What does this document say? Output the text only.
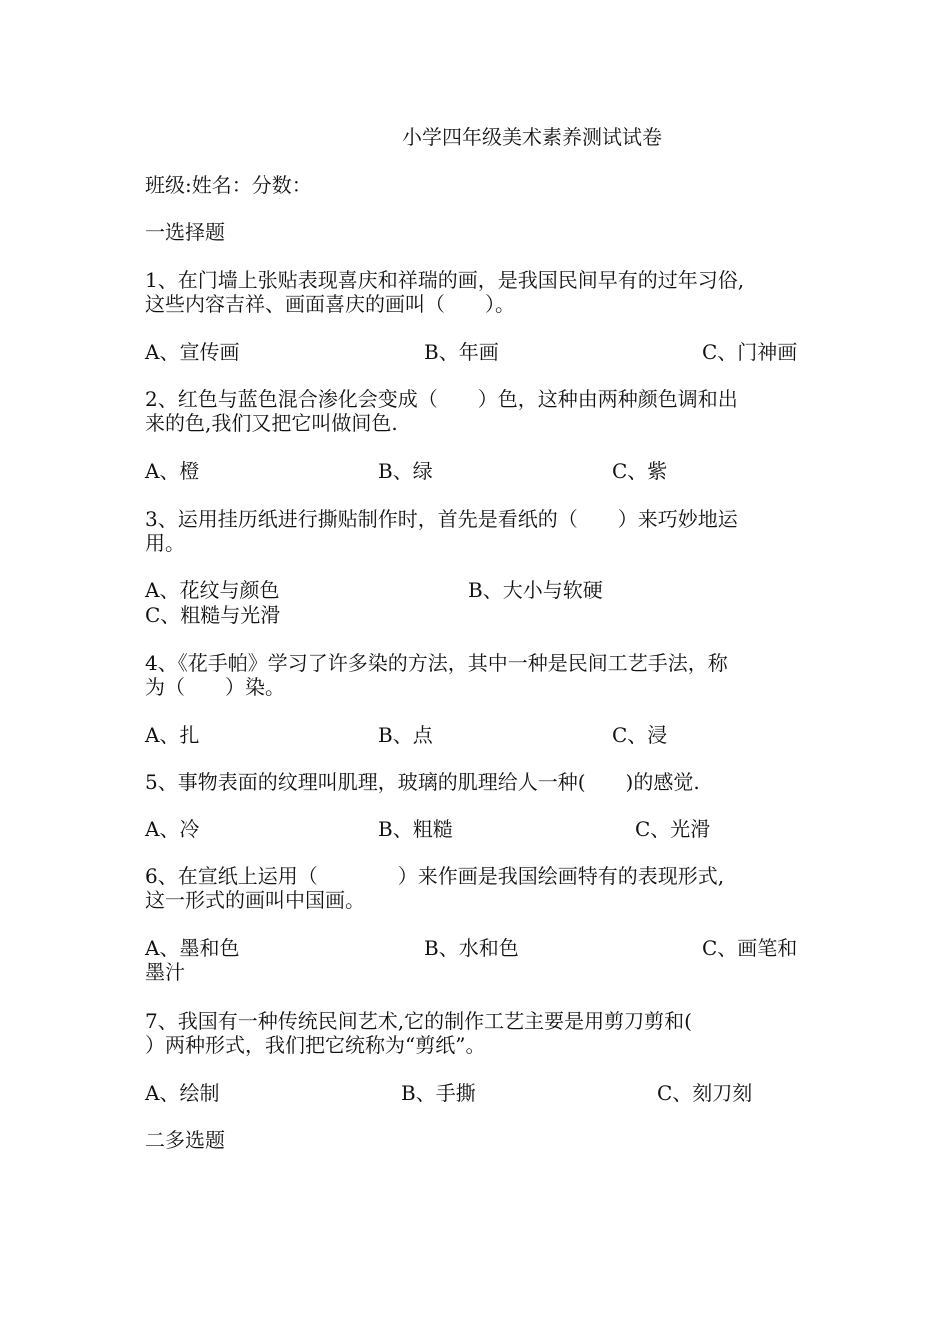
小学四年级美术素养测试试卷

班级:姓名：分数：

一选择题

1、在门墙上张贴表现喜庆和祥瑞的画，是我国民间早有的过年习俗,

这些内容吉祥、画面喜庆的画叫（　　）。

A、宣传画	B、年画	C、门神画

2、红色与蓝色混合渗化会变成（　　）色，这种由两种颜色调和出

来的色,我们又把它叫做间色.

A、橙	B、绿	C、紫

3、运用挂历纸进行撕贴制作时，首先是看纸的（　　）来巧妙地运

用。

A、花纹与颜色	B、大小与软硬
C、粗糙与光滑

4、《花手帕》学习了许多染的方法，其中一种是民间工艺手法，称

为（　　）染。

A、扎	B、点	C、浸

5、事物表面的纹理叫肌理，玻璃的肌理给人一种(　　)的感觉.

A、冷	B、粗糙	C、光滑

6、在宣纸上运用（　　　　）来作画是我国绘画特有的表现形式,

这一形式的画叫中国画。

A、墨和色	B、水和色	C、画笔和
墨汁

7、我国有一种传统民间艺术,它的制作工艺主要是用剪刀剪和(

）两种形式，我们把它统称为“剪纸”。

A、绘制	B、手撕	C、刻刀刻

二多选题
